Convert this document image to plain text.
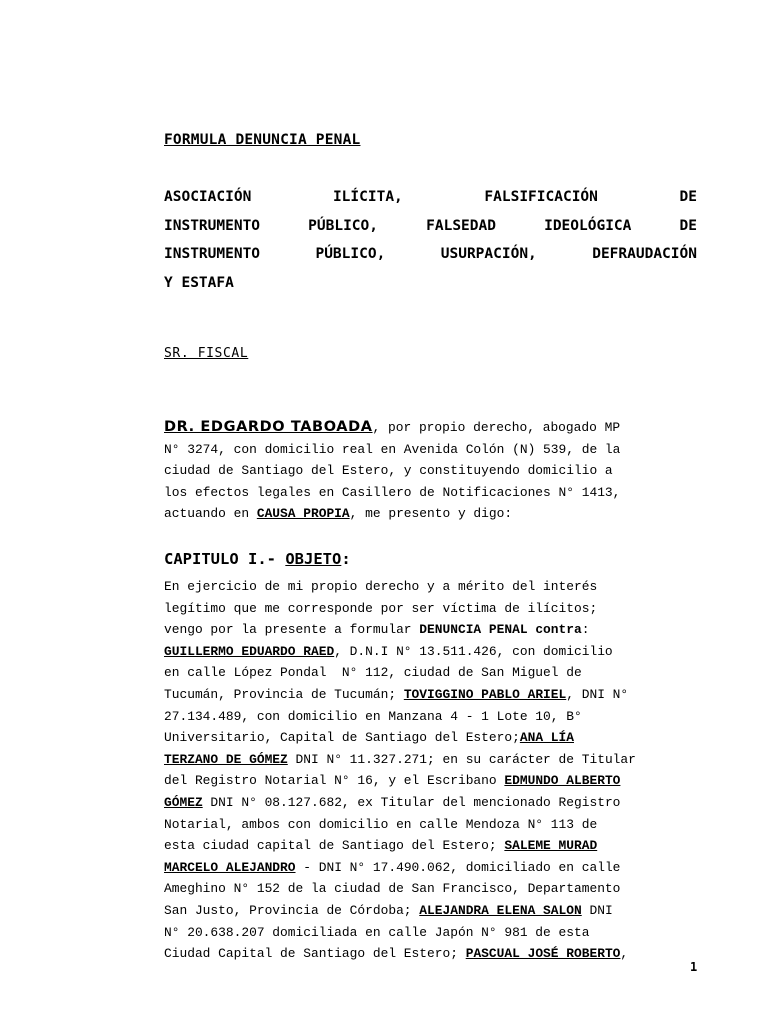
FORMULA DENUNCIA PENAL
ASOCIACIÓN	ILÍCITA,	FALSIFICACIÓN	DE
INSTRUMENTO	PÚBLICO,	FALSEDAD	IDEOLÓGICA	DE
INSTRUMENTO	PÚBLICO,	USURPACIÓN,	DEFRAUDACIÓN
Y ESTAFA
SR. FISCAL
DR. EDGARDO TABOADA, por propio derecho, abogado MP
N° 3274, con domicilio real en Avenida Colón (N) 539, de la
ciudad de Santiago del Estero, y constituyendo domicilio a
los efectos legales en Casillero de Notificaciones N° 1413,
actuando en CAUSA PROPIA , me presento y digo:
CAPITULO I.- OBJETO:
En ejercicio de mi propio derecho y a mérito del interés
legítimo que me corresponde por ser víctima de ilícitos;
vengo por la presente a formular DENUNCIA PENAL contra:
GUILLERMO EDUARDO RAED, D.N.I N° 13.511.426, con domicilio
en calle López Pondal  N° 112, ciudad de San Miguel de
Tucumán, Provincia de Tucumán; TOVIGGINO PABLO ARIEL, DNI N°
27.134.489, con domicilio en Manzana 4 - 1 Lote 10, B°
Universitario, Capital de Santiago del Estero;ANA LÍA
TERZANO DE GÓMEZ DNI N° 11.327.271; en su carácter de Titular
del Registro Notarial N° 16, y el Escribano EDMUNDO ALBERTO
GÓMEZ DNI N° 08.127.682, ex Titular del mencionado Registro
Notarial, ambos con domicilio en calle Mendoza N° 113 de
esta ciudad capital de Santiago del Estero; SALEME MURAD
MARCELO ALEJANDRO - DNI N° 17.490.062, domiciliado en calle
Ameghino N° 152 de la ciudad de San Francisco, Departamento
San Justo, Provincia de Córdoba; ALEJANDRA ELENA SALON DNI
N° 20.638.207 domiciliada en calle Japón N° 981 de esta
Ciudad Capital de Santiago del Estero; PASCUAL JOSÉ ROBERTO,
1
